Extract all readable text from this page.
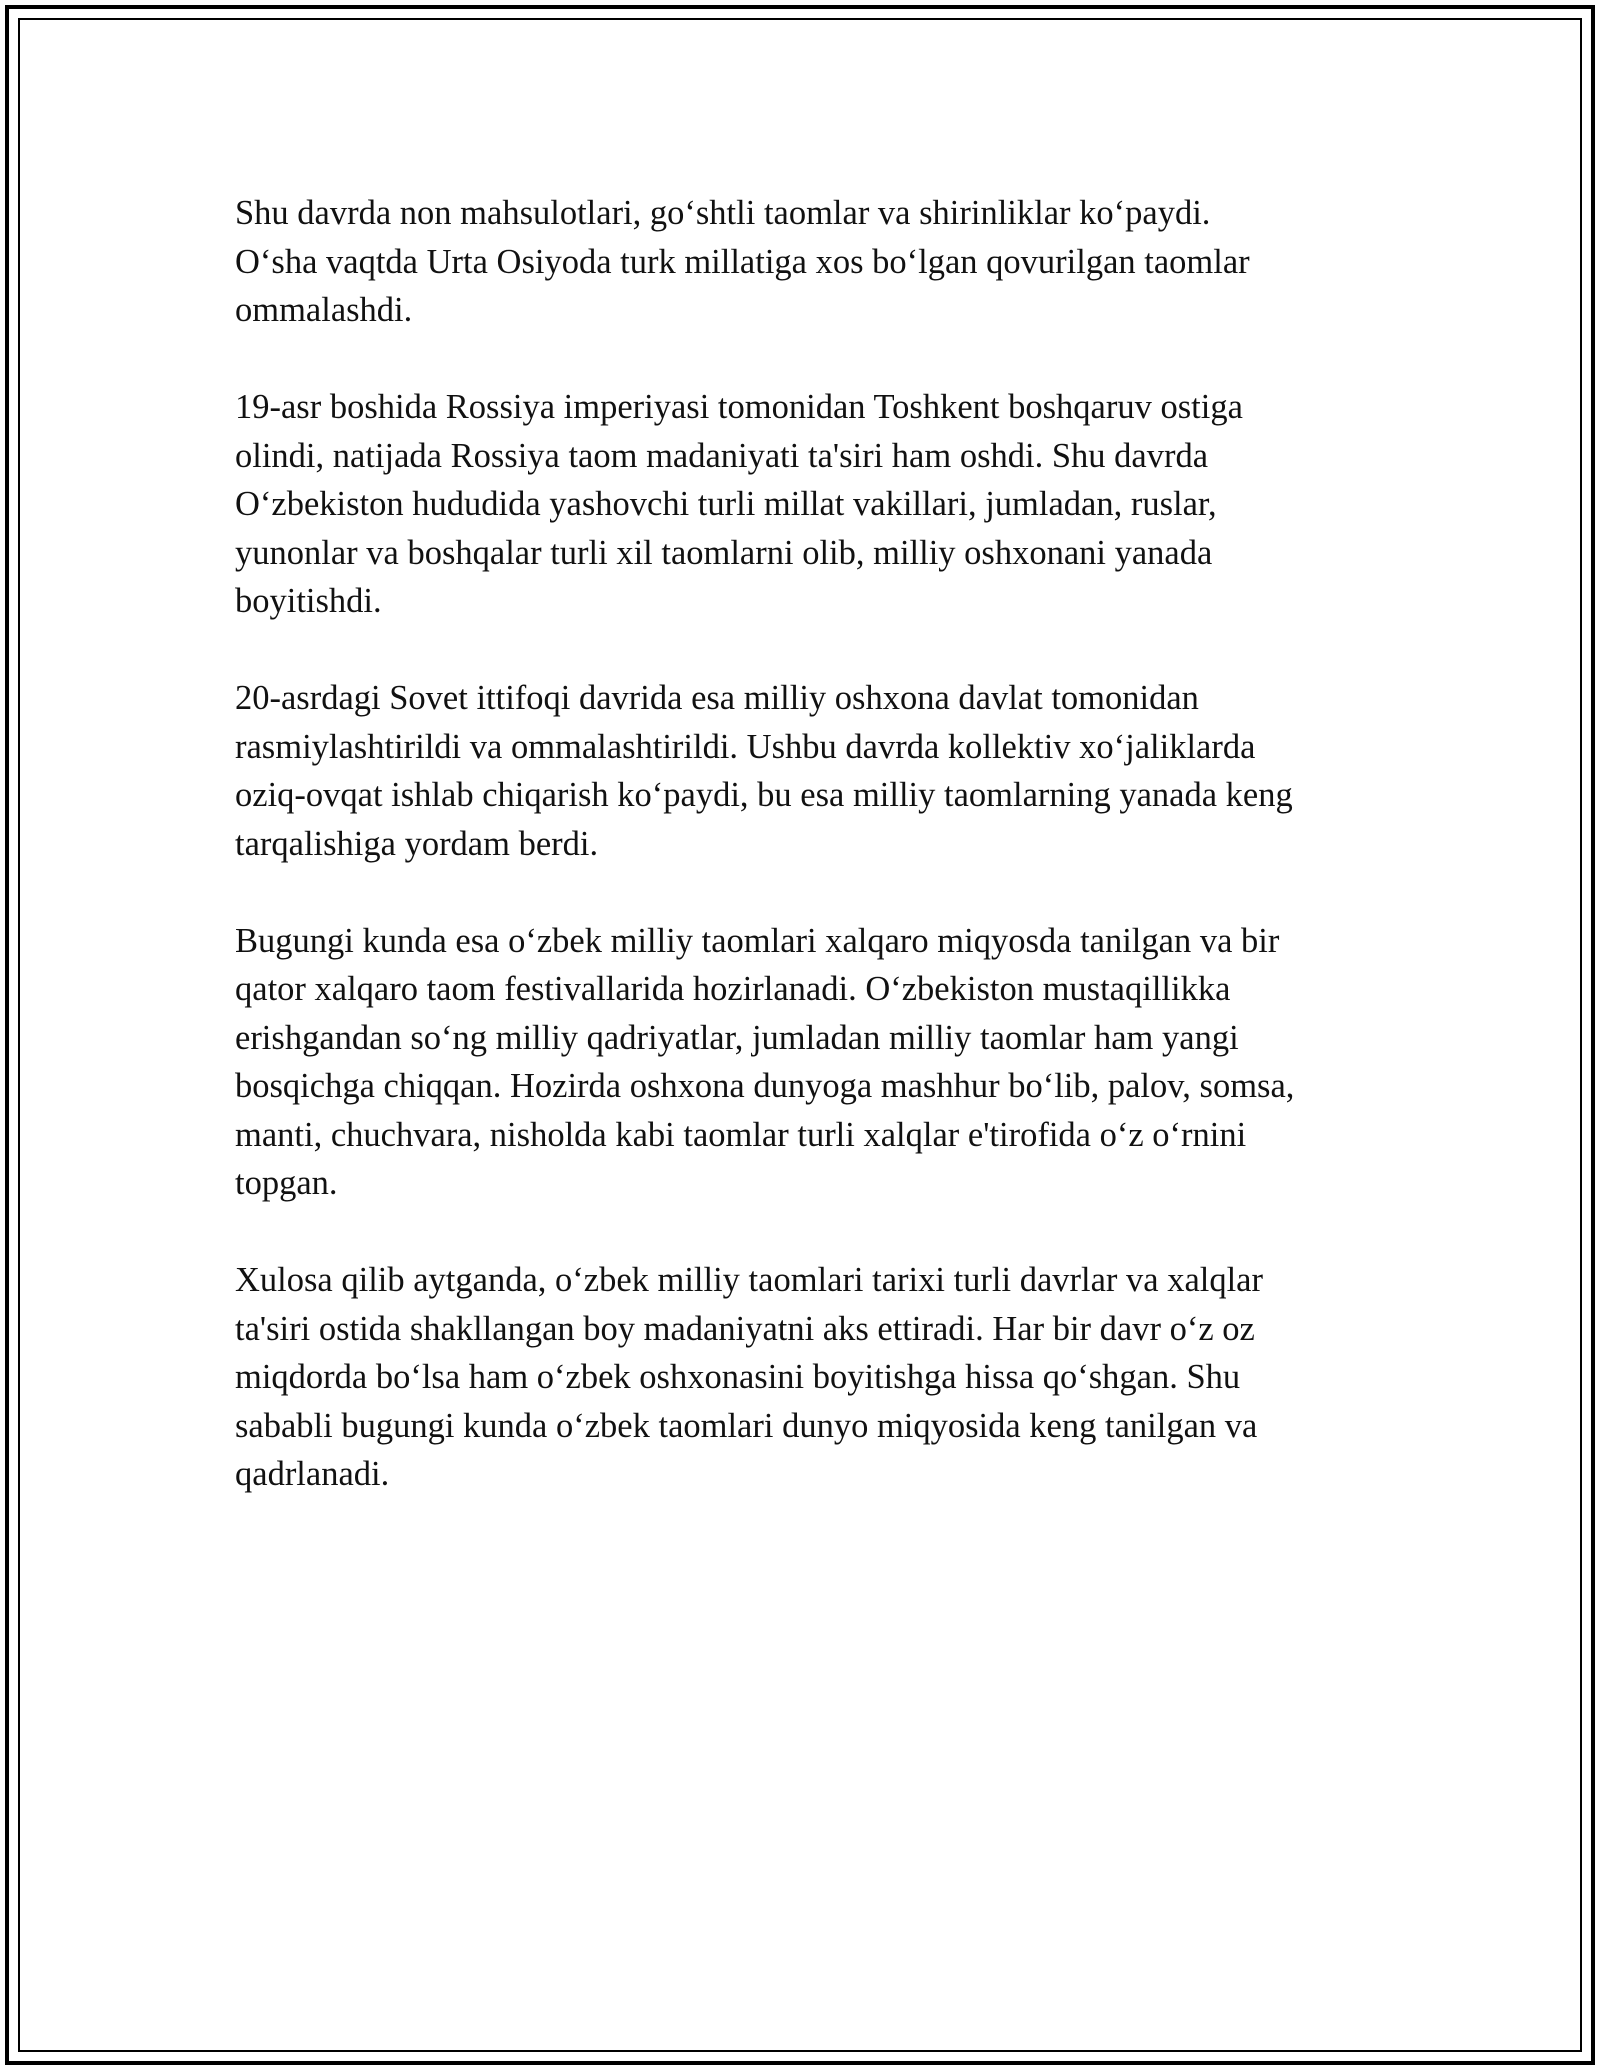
Shu davrda non mahsulotlari, go‘shtli taomlar va shirinliklar ko‘paydi.
O‘sha vaqtda Urta Osiyoda turk millatiga xos bo‘lgan qovurilgan taomlar
ommalashdi.

19-asr boshida Rossiya imperiyasi tomonidan Toshkent boshqaruv ostiga
olindi, natijada Rossiya taom madaniyati ta'siri ham oshdi. Shu davrda
O‘zbekiston hududida yashovchi turli millat vakillari, jumladan, ruslar,
yunonlar va boshqalar turli xil taomlarni olib, milliy oshxonani yanada
boyitishdi.

20-asrdagi Sovet ittifoqi davrida esa milliy oshxona davlat tomonidan
rasmiylashtirildi va ommalashtirildi. Ushbu davrda kollektiv xo‘jaliklarda
oziq-ovqat ishlab chiqarish ko‘paydi, bu esa milliy taomlarning yanada keng
tarqalishiga yordam berdi.

Bugungi kunda esa o‘zbek milliy taomlari xalqaro miqyosda tanilgan va bir
qator xalqaro taom festivallarida hozirlanadi. O‘zbekiston mustaqillikka
erishgandan so‘ng milliy qadriyatlar, jumladan milliy taomlar ham yangi
bosqichga chiqqan. Hozirda oshxona dunyoga mashhur bo‘lib, palov, somsa,
manti, chuchvara, nisholda kabi taomlar turli xalqlar e'tirofida o‘z o‘rnini
topgan.

Xulosa qilib aytganda, o‘zbek milliy taomlari tarixi turli davrlar va xalqlar
ta'siri ostida shakllangan boy madaniyatni aks ettiradi. Har bir davr o‘z oz
miqdorda bo‘lsa ham o‘zbek oshxonasini boyitishga hissa qo‘shgan. Shu
sababli bugungi kunda o‘zbek taomlari dunyo miqyosida keng tanilgan va
qadrlanadi.
